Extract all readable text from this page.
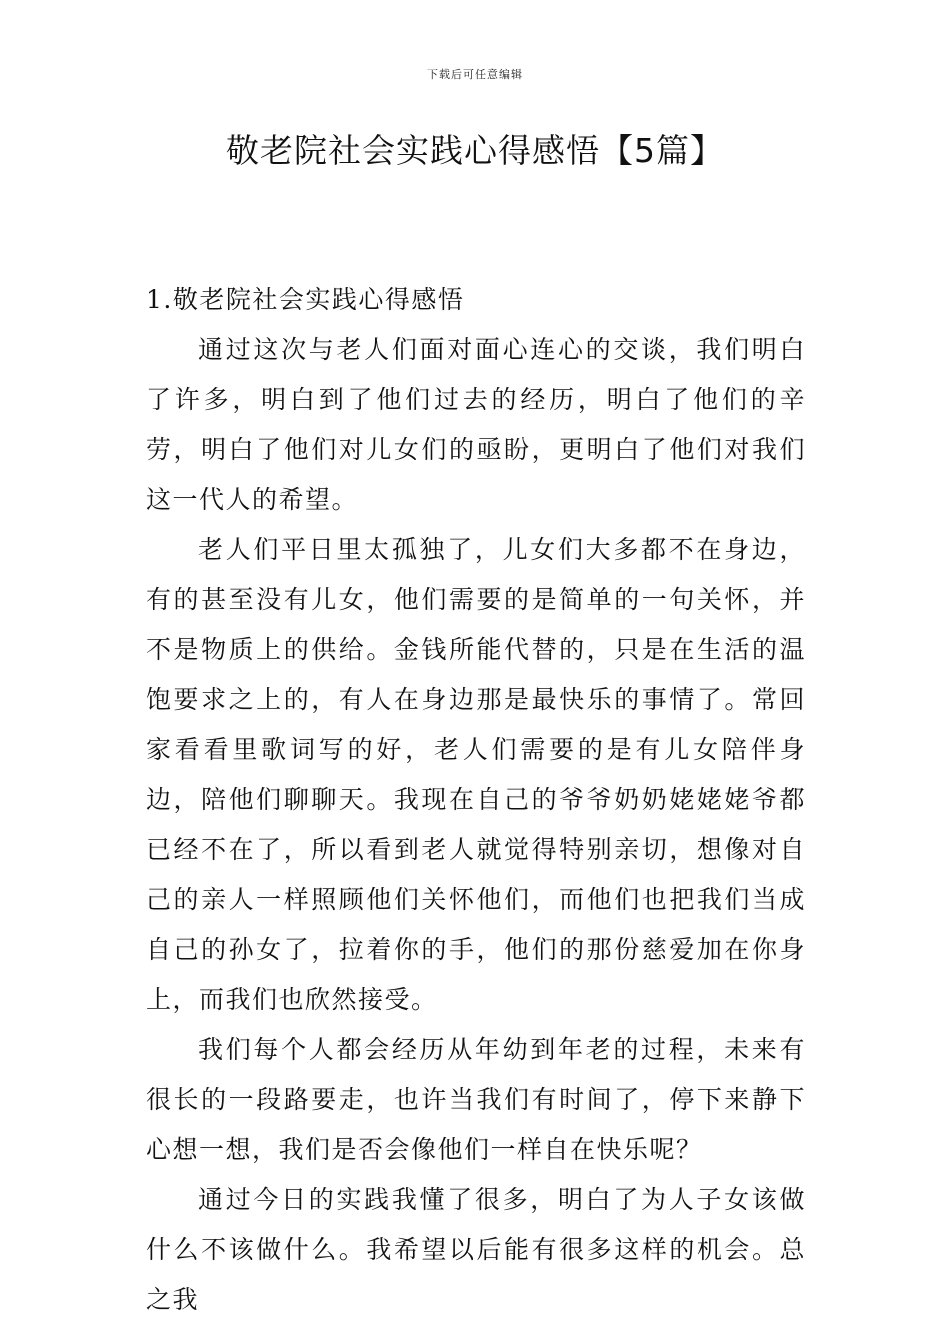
下载后可任意编辑
敬老院社会实践心得感悟【5篇】

1.敬老院社会实践心得感悟

通过这次与老人们面对面心连心的交谈，我们明白了许多，明白到了他们过去的经历，明白了他们的辛劳，明白了他们对儿女们的亟盼，更明白了他们对我们这一代人的希望。

老人们平日里太孤独了，儿女们大多都不在身边，有的甚至没有儿女，他们需要的是简单的一句关怀，并不是物质上的供给。金钱所能代替的，只是在生活的温饱要求之上的，有人在身边那是最快乐的事情了。常回家看看里歌词写的好，老人们需要的是有儿女陪伴身边，陪他们聊聊天。我现在自己的爷爷奶奶姥姥姥爷都已经不在了，所以看到老人就觉得特别亲切，想像对自己的亲人一样照顾他们关怀他们，而他们也把我们当成自己的孙女了，拉着你的手，他们的那份慈爱加在你身上，而我们也欣然接受。

我们每个人都会经历从年幼到年老的过程，未来有很长的一段路要走，也许当我们有时间了，停下来静下心想一想，我们是否会像他们一样自在快乐呢？

通过今日的实践我懂了很多，明白了为人子女该做什么不该做什么。我希望以后能有很多这样的机会。总之我
